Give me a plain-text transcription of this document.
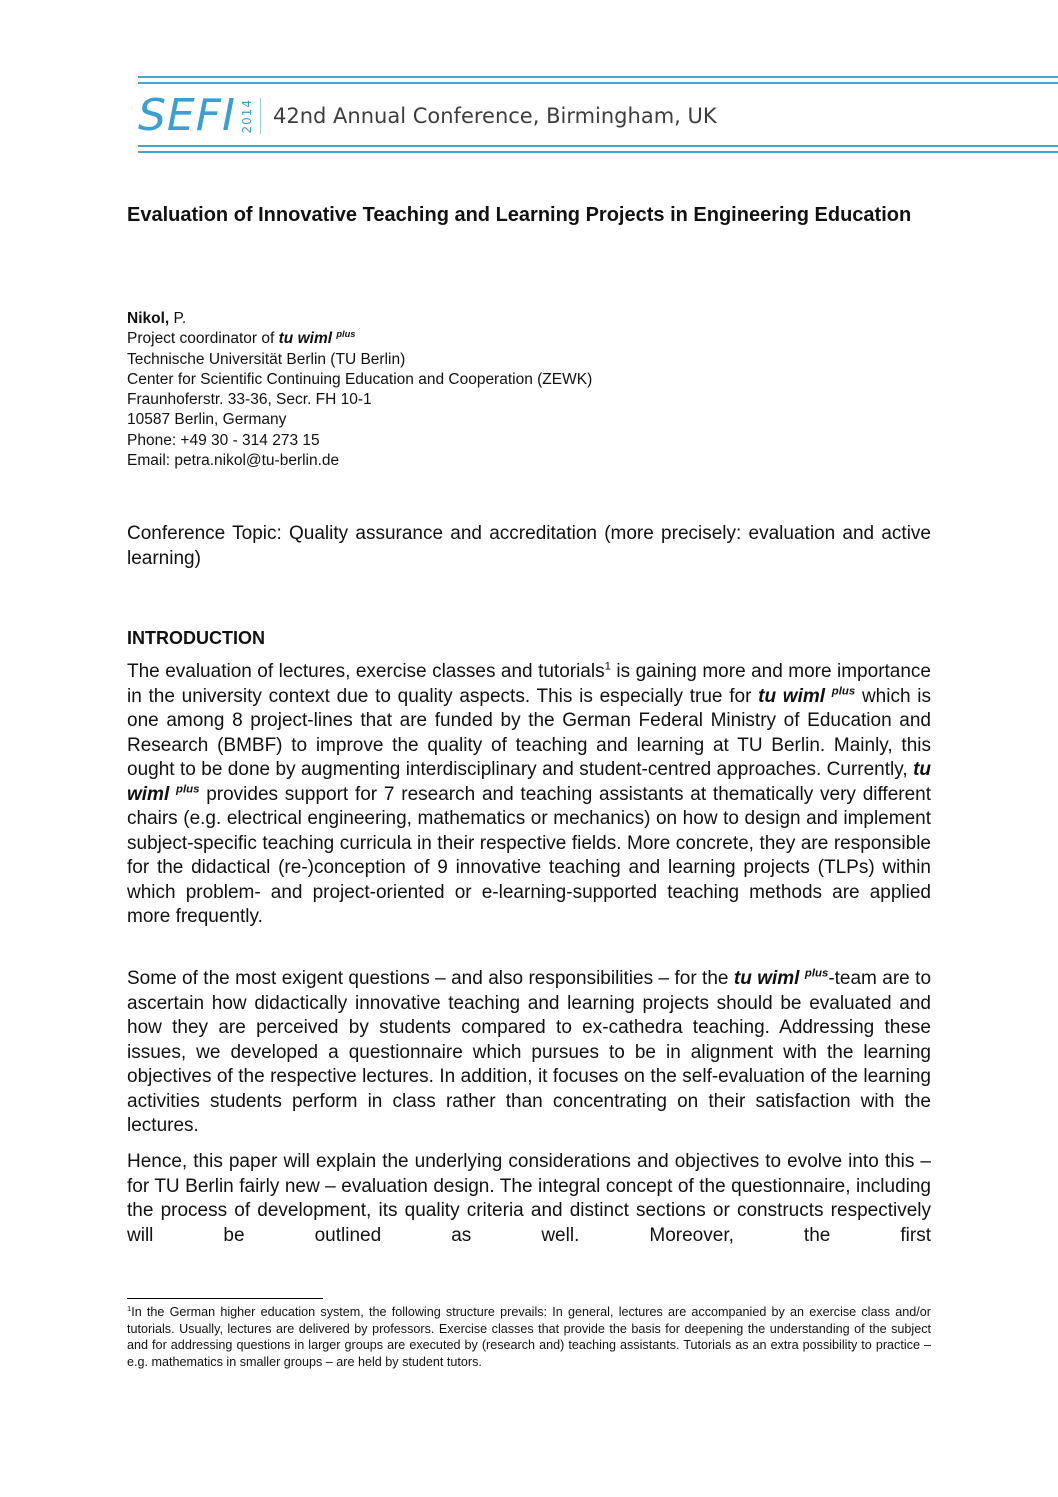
SEFI 2014 42nd Annual Conference, Birmingham, UK
Evaluation of Innovative Teaching and Learning Projects in Engineering Education
Nikol, P.
Project coordinator of tu wiml $^{plus}$
Technische Universität Berlin (TU Berlin)
Center for Scientific Continuing Education and Cooperation (ZEWK)
Fraunhoferstr. 33-36, Secr. FH 10-1
10587 Berlin, Germany
Phone: +49 30 - 314 273 15
Email: petra.nikol@tu-berlin.de
Conference Topic: Quality assurance and accreditation (more precisely: evaluation and active learning)
INTRODUCTION

The evaluation of lectures, exercise classes and tutorials$^1$ is gaining more and more importance in the university context due to quality aspects. This is especially true for tu wiml $^{plus}$ which is one among 8 project-lines that are funded by the German Federal Ministry of Education and Research (BMBF) to improve the quality of teaching and learning at TU Berlin. Mainly, this ought to be done by augmenting interdisciplinary and student-centred approaches. Currently, tu wiml $^{plus}$ provides support for 7 research and teaching assistants at thematically very different chairs (e.g. electrical engineering, mathematics or mechanics) on how to design and implement subject-specific teaching curricula in their respective fields. More concrete, they are responsible for the didactical (re-)conception of 9 innovative teaching and learning projects (TLPs) within which problem- and project-oriented or e-learning-supported teaching methods are applied more frequently.

Some of the most exigent questions – and also responsibilities – for the tu wiml $^{plus}$-team are to ascertain how didactically innovative teaching and learning projects should be evaluated and how they are perceived by students compared to ex-cathedra teaching. Addressing these issues, we developed a questionnaire which pursues to be in alignment with the learning objectives of the respective lectures. In addition, it focuses on the self-evaluation of the learning activities students perform in class rather than concentrating on their satisfaction with the lectures.

Hence, this paper will explain the underlying considerations and objectives to evolve into this – for TU Berlin fairly new – evaluation design. The integral concept of the questionnaire, including the process of development, its quality criteria and distinct sections or constructs respectively will be outlined as well. Moreover, the first

$^1$In the German higher education system, the following structure prevails: In general, lectures are accompanied by an exercise class and/or tutorials. Usually, lectures are delivered by professors. Exercise classes that provide the basis for deepening the understanding of the subject and for addressing questions in larger groups are executed by (research and) teaching assistants. Tutorials as an extra possibility to practice – e.g. mathematics in smaller groups – are held by student tutors.
